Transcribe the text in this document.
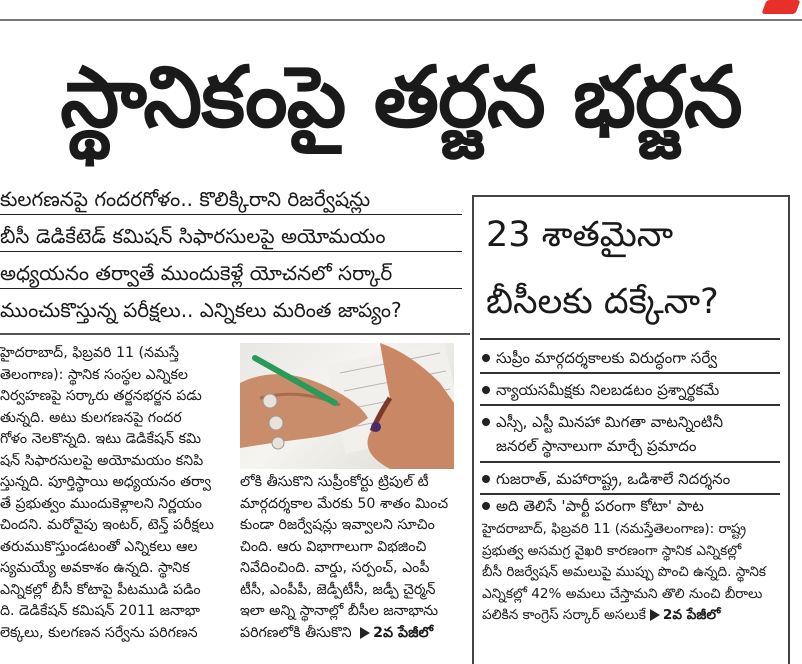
స్థానికంపై తర్జన భర్జన
కులగణనపై గందరగోళం.. కొలిక్కిరాని రిజర్వేషన్లు
బీసీ డెడికేటెడ్ కమిషన్ సిఫారసులపై అయోమయం
అధ్యయనం తర్వాతే ముందుకెళ్లే యోచనలో సర్కార్
ముంచుకొస్తున్న పరీక్షలు.. ఎన్నికలు మరింత జాప్యం?
హైదరాబాద్, ఫిబ్రవరి 11 (నమస్తే
తెలంగాణ): స్థానిక సంస్థల ఎన్నికల
నిర్వహణపై సర్కారు తర్జనభర్జన పడు
తున్నది. అటు కులగణనపై గందర
గోళం నెలకొన్నది. ఇటు డెడికేషన్ కమి
షన్ సిఫారసులపై అయోమయం కనిపి
స్తున్నది. పూర్తిస్థాయి అధ్యయనం తర్వా
తే ప్రభుత్వం ముందుకెళ్లాలని నిర్ణయం
చిందని. మరోవైపు ఇంటర్, టెన్త్ పరీక్షలు
తరుముకొస్తుండటంతో ఎన్నికలు ఆల
స్యమయ్యే అవకాశం ఉన్నది. స్థానిక
ఎన్నికల్లో బీసీ కోటాపై పీటముడి పడిం
ది. డెడికేషన్ కమిషన్ 2011 జనాభా
లెక్కలు, కులగణన సర్వేను పరిగణన
లోకి తీసుకొని సుప్రీంకోర్టు ట్రిపుల్ టీ
మార్గదర్శకాల మేరకు 50 శాతం మించ
కుండా రిజర్వేషన్లు ఇవ్వాలని సూచిం
చింది. ఆరు విభాగాలుగా విభజించి
నివేదించింది. వార్డు, సర్పంచ్, ఎంపీ
టీసీ, ఎంపీపీ, జెడ్పీటీసీ, జడ్పీ చైర్మన్
ఇలా అన్ని స్థానాల్లో బీసీల జనాభాను
పరిగణలోకి తీసుకొని 2వ పేజీలో
23 శాతమైనా
బీసీలకు దక్కేనా?
సుప్రీం మార్గదర్శకాలకు విరుద్ధంగా సర్వే
న్యాయసమీక్షకు నిలబడటం ప్రశ్నార్థకమే
ఎస్సీ, ఎస్టీ మినహా మిగతా వాటన్నింటినీ
జనరల్ స్థానాలుగా మార్చే ప్రమాదం
గుజరాత్, మహారాష్ట్ర, ఒడిశాలే నిదర్శనం
అది తెలిసే 'పార్టీ పరంగా కోటా' పాట
హైదరాబాద్, ఫిబ్రవరి 11 (నమస్తేతెలంగాణ): రాష్ట్ర
ప్రభుత్వ అసమగ్ర వైఖరి కారణంగా స్థానిక ఎన్నికల్లో
బీసీ రిజర్వేషన్ అమలుపై ముప్పు పొంచి ఉన్నది. స్థానిక
ఎన్నికల్లో 42% అమలు చేస్తామని తొలి నుంచి బీరాలు
పలికిన కాంగ్రెస్ సర్కార్ అసలుకే 2వ పేజీలో
